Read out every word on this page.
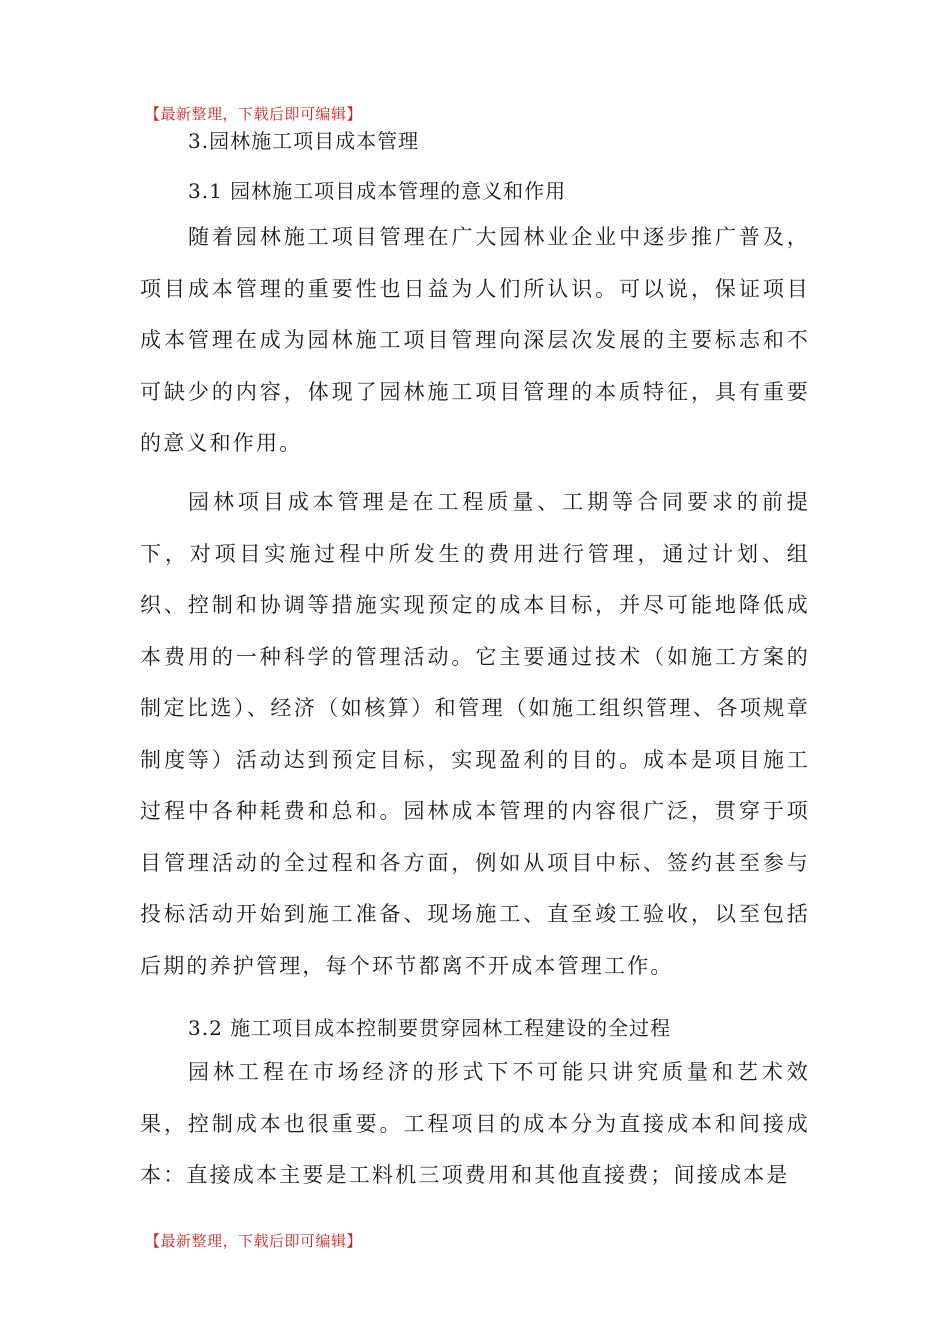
【最新整理，下载后即可编辑】
3.园林施工项目成本管理
3.1 园林施工项目成本管理的意义和作用

随着园林施工项目管理在广大园林业企业中逐步推广普及，项目成本管理的重要性也日益为人们所认识。可以说，保证项目成本管理在成为园林施工项目管理向深层次发展的主要标志和不可缺少的内容，体现了园林施工项目管理的本质特征，具有重要的意义和作用。

园林项目成本管理是在工程质量、工期等合同要求的前提下，对项目实施过程中所发生的费用进行管理，通过计划、组织、控制和协调等措施实现预定的成本目标，并尽可能地降低成本费用的一种科学的管理活动。它主要通过技术（如施工方案的制定比选）、经济（如核算）和管理（如施工组织管理、各项规章制度等）活动达到预定目标，实现盈利的目的。成本是项目施工过程中各种耗费和总和。园林成本管理的内容很广泛，贯穿于项目管理活动的全过程和各方面，例如从项目中标、签约甚至参与投标活动开始到施工准备、现场施工、直至竣工验收，以至包括后期的养护管理，每个环节都离不开成本管理工作。

3.2 施工项目成本控制要贯穿园林工程建设的全过程

园林工程在市场经济的形式下不可能只讲究质量和艺术效果，控制成本也很重要。工程项目的成本分为直接成本和间接成本：直接成本主要是工料机三项费用和其他直接费；间接成本是

【最新整理，下载后即可编辑】
